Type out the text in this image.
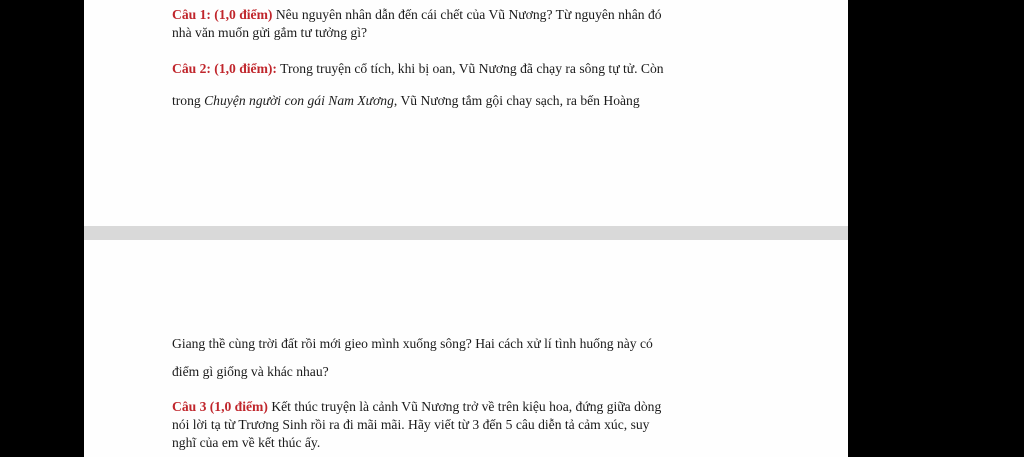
Câu 1: (1,0 điểm) Nêu nguyên nhân dẫn đến cái chết của Vũ Nương? Từ nguyên nhân đó
nhà văn muốn gửi gắm tư tưởng gì?
Câu 2: (1,0 điểm): Trong truyện cổ tích, khi bị oan, Vũ Nương đã chạy ra sông tự tử. Còn
trong Chuyện người con gái Nam Xương, Vũ Nương tắm gội chay sạch, ra bến Hoàng
Giang thề cùng trời đất rồi mới gieo mình xuống sông? Hai cách xử lí tình huống này có
điểm gì giống và khác nhau?
Câu 3 (1,0 điểm) Kết thúc truyện là cảnh Vũ Nương trở về trên kiệu hoa, đứng giữa dòng
nói lời tạ từ Trương Sinh rồi ra đi mãi mãi. Hãy viết từ 3 đến 5 câu diễn tả cảm xúc, suy
nghĩ của em về kết thúc ấy.
